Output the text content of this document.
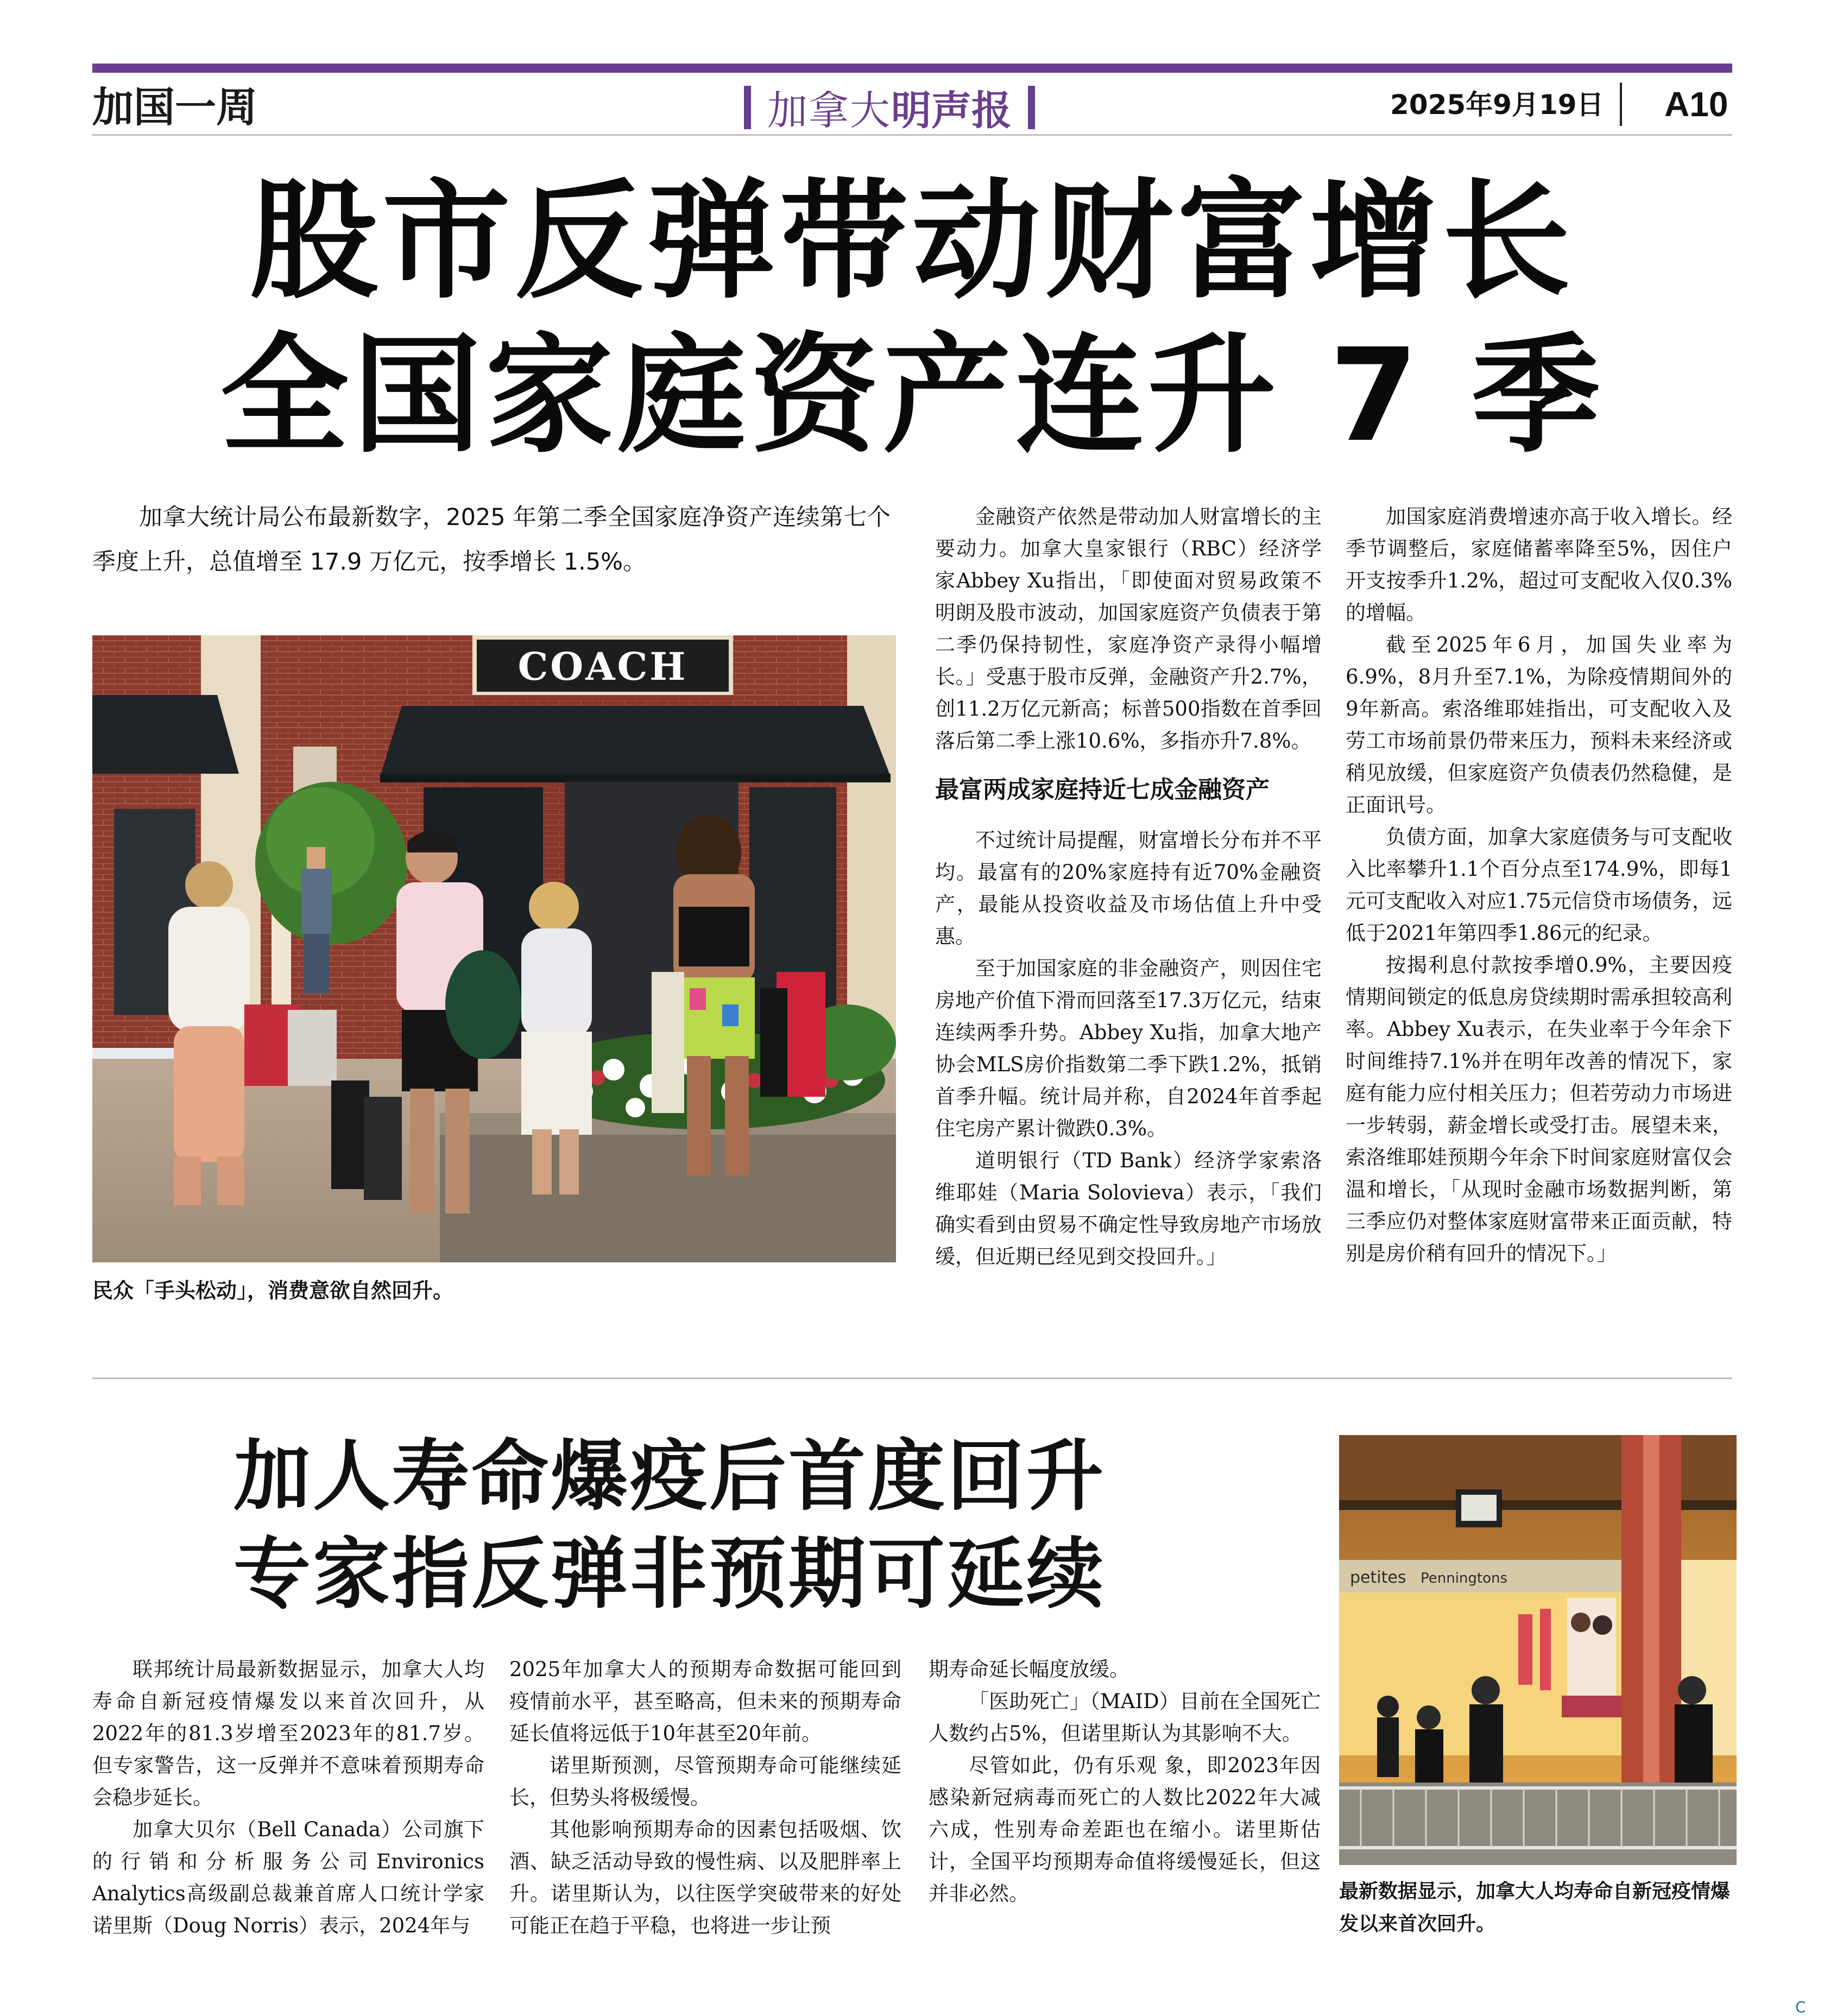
加国一周	加拿大 明声报	2025年9月19日 A10
股市反弹带动财富增长
全国家庭资产连升 7 季
加拿大统计局公布最新数字，2025 年第二季全国家庭净资产连续第七个季度上升，总值增至 17.9 万亿元，按季增长 1.5%。
COACH
民众「手头松动」，消费意欲自然回升。

金融资产依然是带动加人财富增长的主要动力。加拿大皇家银行（RBC）经济学家Abbey Xu指出，「即使面对贸易政策不明朗及股市波动，加国家庭资产负债表于第二季仍保持韧性，家庭净资产录得小幅增长。」受惠于股市反弹，金融资产升2.7%，创11.2万亿元新高；标普500指数在首季回落后第二季上涨10.6%，多指亦升7.8%。

最富两成家庭持近七成金融资产

不过统计局提醒，财富增长分布并不平均。最富有的20%家庭持有近70%金融资产，最能从投资收益及市场估值上升中受惠。

至于加国家庭的非金融资产，则因住宅房地产价值下滑而回落至17.3万亿元，结束连续两季升势。Abbey Xu指，加拿大地产协会MLS房价指数第二季下跌1.2%，抵销首季升幅。统计局并称，自2024年首季起住宅房产累计微跌0.3%。

道明银行（TD Bank）经济学家索洛维耶娃（Maria Solovieva）表示，「我们确实看到由贸易不确定性导致房地产市场放缓，但近期已经见到交投回升。」

加国家庭消费增速亦高于收入增长。经季节调整后，家庭储蓄率降至5%，因住户开支按季升1.2%，超过可支配收入仅0.3%的增幅。

截至2025年6月，加国失业率为6.9%，8月升至7.1%，为除疫情期间外的9年新高。索洛维耶娃指出，可支配收入及劳工市场前景仍带来压力，预料未来经济或稍见放缓，但家庭资产负债表仍然稳健，是正面讯号。

负债方面，加拿大家庭债务与可支配收入比率攀升1.1个百分点至174.9%，即每1元可支配收入对应1.75元信贷市场债务，远低于2021年第四季1.86元的纪录。

按揭利息付款按季增0.9%，主要因疫情期间锁定的低息房贷续期时需承担较高利率。Abbey Xu表示，在失业率于今年余下时间维持7.1%并在明年改善的情况下，家庭有能力应付相关压力；但若劳动力市场进一步转弱，薪金增长或受打击。展望未来，索洛维耶娃预期今年余下时间家庭财富仅会温和增长，「从现时金融市场数据判断，第三季应仍对整体家庭财富带来正面贡献，特别是房价稍有回升的情况下。」

加人寿命爆疫后首度回升
专家指反弹非预期可延续

联邦统计局最新数据显示，加拿大人均寿命自新冠疫情爆发以来首次回升，从2022年的81.3岁增至2023年的81.7岁。但专家警告，这一反弹并不意味着预期寿命会稳步延长。

加拿大贝尔（Bell Canada）公司旗下的行销和分析服务公司Environics Analytics高级副总裁兼首席人口统计学家诺里斯（Doug Norris）表示，2024年与

2025年加拿大人的预期寿命数据可能回到疫情前水平，甚至略高，但未来的预期寿命延长值将远低于10年甚至20年前。

诺里斯预测，尽管预期寿命可能继续延长，但势头将极缓慢。

其他影响预期寿命的因素包括吸烟、饮酒、缺乏活动导致的慢性病、以及肥胖率上升。诺里斯认为，以往医学突破带来的好处可能正在趋于平稳，也将进一步让预

期寿命延长幅度放缓。

「医助死亡」（MAID）目前在全国死亡人数约占5%，但诺里斯认为其影响不大。

尽管如此，仍有乐观 象，即2023年因感染新冠病毒而死亡的人数比2022年大减六成，性别寿命差距也在缩小。诺里斯估计，全国平均预期寿命值将缓慢延长，但这并非必然。

petites Penningtons
最新数据显示，加拿大人均寿命自新冠疫情爆发以来首次回升。
C
